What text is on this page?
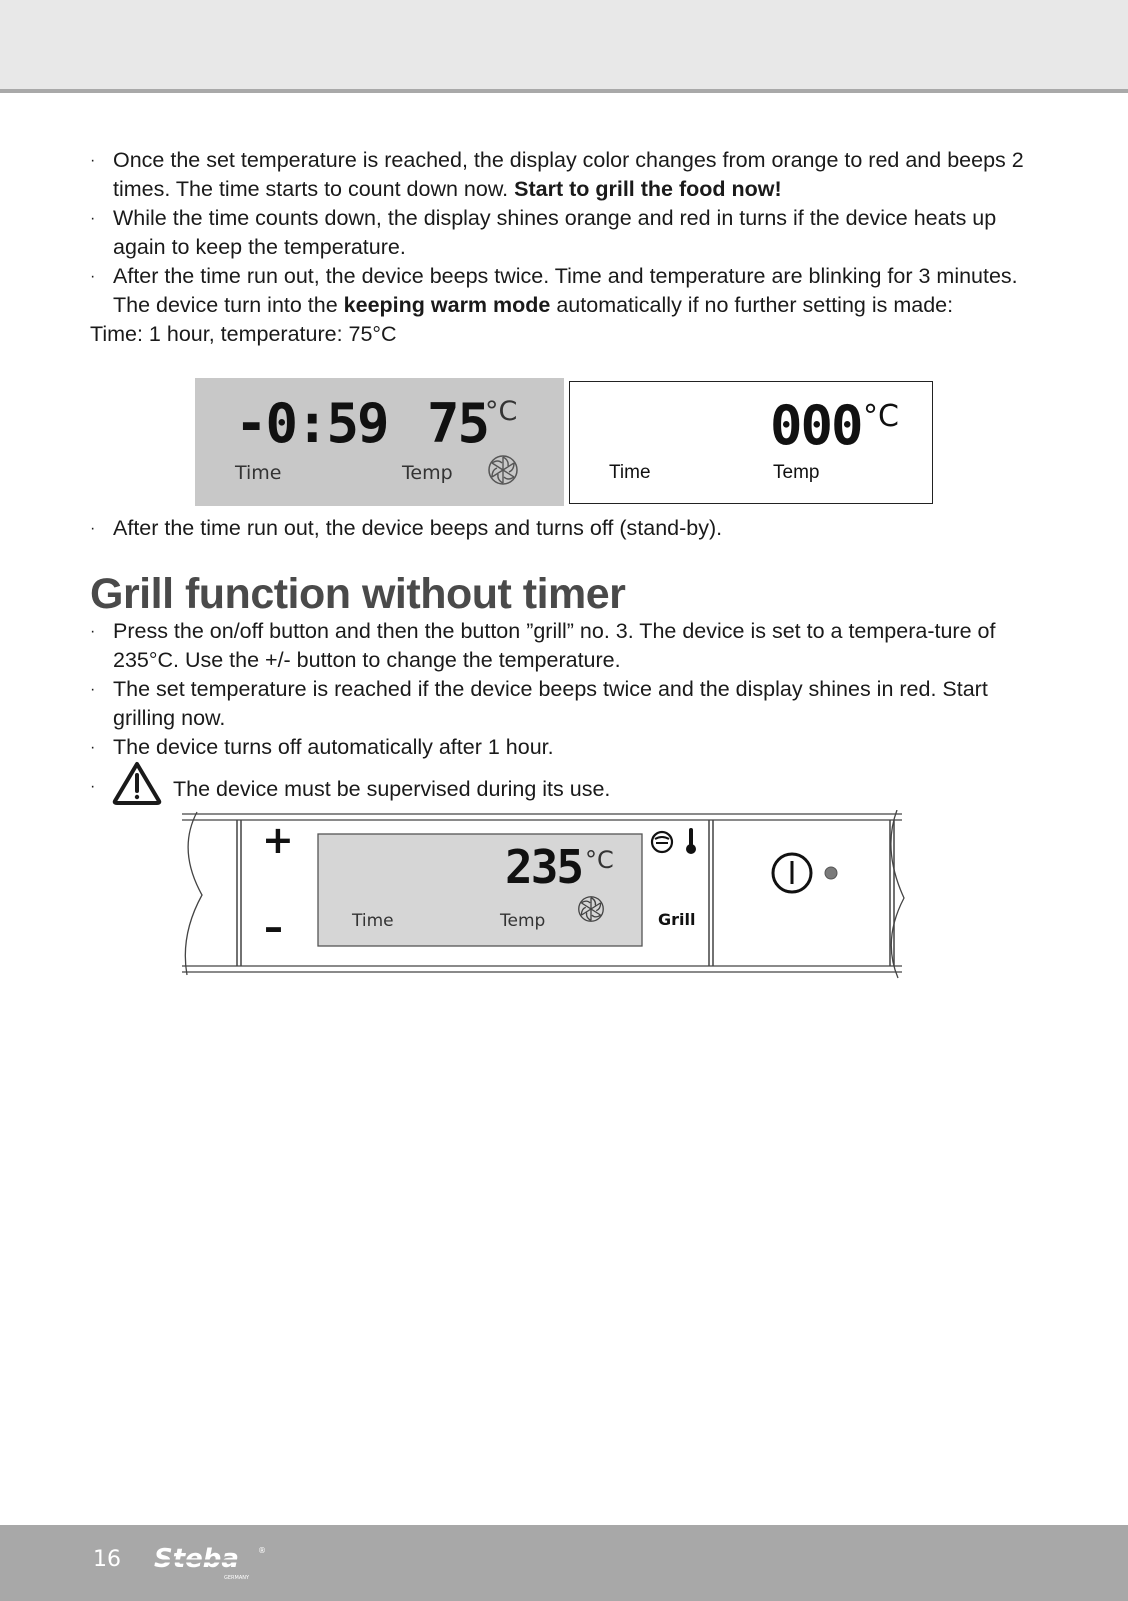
· Once the set temperature is reached, the display color changes from orange to red and beeps 2 times. The time starts to count down now. Start to grill the food now!
· While the time counts down, the display shines orange and red in turns if the device heats up again to keep the temperature.
· After the time run out, the device beeps twice. Time and temperature are blinking for 3 minutes. The device turn into the keeping warm mode automatically if no further setting is made:

Time: 1 hour, temperature: 75°C

-0:59 75
°C
Time	Temp
000 °C
Time	Temp
· After the time run out, the device beeps and turns off (stand-by).
Grill function without timer
· Press the on/off button and then the button ”grill” no. 3. The device is set to a tempera-ture of 235°C. Use the +/- button to change the temperature.
· The set temperature is reached if the device beeps twice and the display shines in red. Start grilling now.
· The device turns off automatically after 1 hour.
·	The device must be supervised during its use.
+
–
235 °C
Time	Temp	Grill
16 Steba
GERMANY
®
